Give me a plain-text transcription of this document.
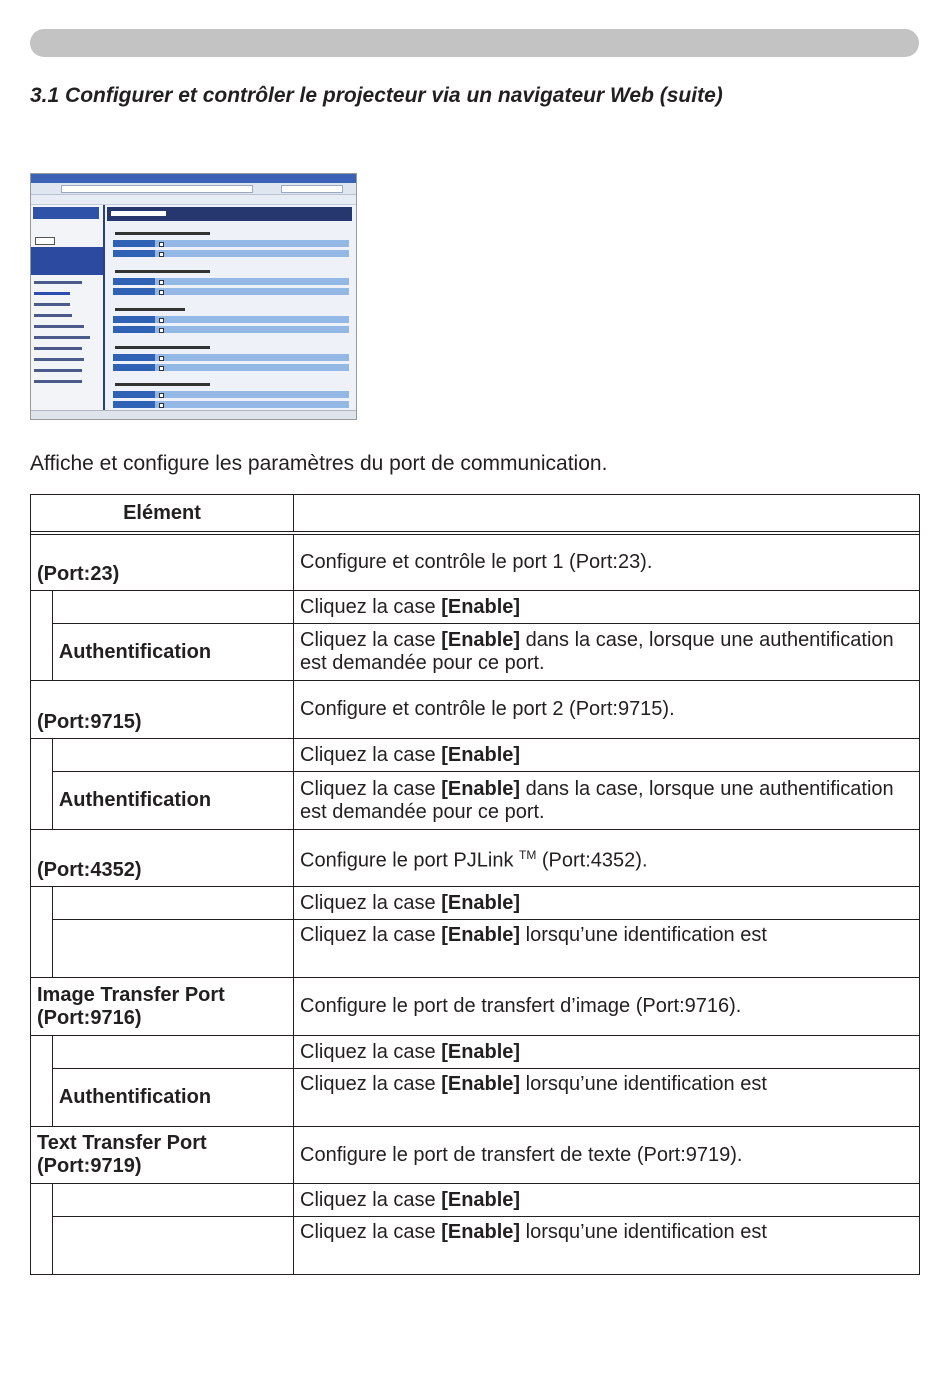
3.1 Configurer et contrôler le projecteur via un navigateur Web (suite)

Affiche et configure les paramètres du port de communication.

Elément		

(Port:23)		Configure et contrôle le port 1 (Port:23).
		Cliquez la case [Enable]
	Authentification	Cliquez la case [Enable] dans la case, lorsque une authentification est demandée pour ce port.
(Port:9715)		Configure et contrôle le port 2 (Port:9715).
		Cliquez la case [Enable]
	Authentification	Cliquez la case [Enable] dans la case, lorsque une authentification est demandée pour ce port.
(Port:4352)		Configure le port PJLink ™ (Port:4352).
		Cliquez la case [Enable]
		Cliquez la case [Enable] lorsqu’une identification est
Image Transfer Port (Port:9716)		Configure le port de transfert d’image (Port:9716).
		Cliquez la case [Enable]
	Authentification	Cliquez la case [Enable] lorsqu’une identification est
Text Transfer Port (Port:9719)		Configure le port de transfert de texte (Port:9719).
		Cliquez la case [Enable]
		Cliquez la case [Enable] lorsqu’une identification est
